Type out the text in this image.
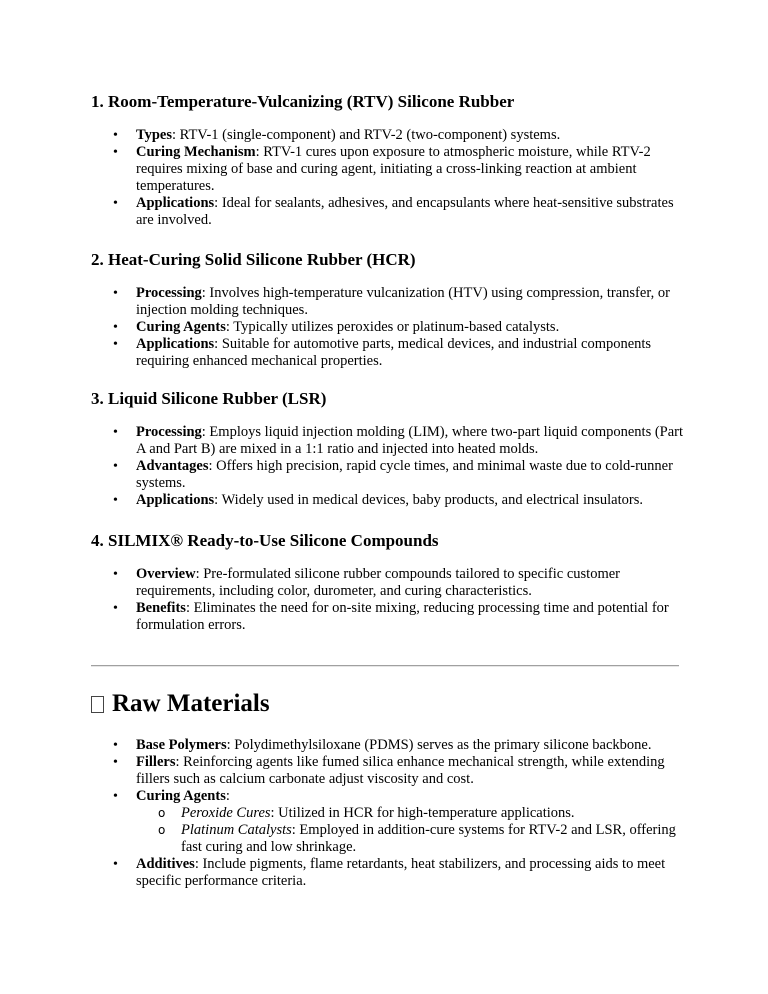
1. Room-Temperature-Vulcanizing (RTV) Silicone Rubber
• Types: RTV-1 (single-component) and RTV-2 (two-component) systems.
• Curing Mechanism: RTV-1 cures upon exposure to atmospheric moisture, while RTV-2 requires mixing of base and curing agent, initiating a cross-linking reaction at ambient temperatures.
• Applications: Ideal for sealants, adhesives, and encapsulants where heat-sensitive substrates are involved.
2. Heat-Curing Solid Silicone Rubber (HCR)
• Processing: Involves high-temperature vulcanization (HTV) using compression, transfer, or injection molding techniques.
• Curing Agents: Typically utilizes peroxides or platinum-based catalysts.
• Applications: Suitable for automotive parts, medical devices, and industrial components requiring enhanced mechanical properties.
3. Liquid Silicone Rubber (LSR)
• Processing: Employs liquid injection molding (LIM), where two-part liquid components (Part A and Part B) are mixed in a 1:1 ratio and injected into heated molds.
• Advantages: Offers high precision, rapid cycle times, and minimal waste due to cold-runner systems.
• Applications: Widely used in medical devices, baby products, and electrical insulators.
4. SILMIX® Ready-to-Use Silicone Compounds
• Overview: Pre-formulated silicone rubber compounds tailored to specific customer requirements, including color, durometer, and curing characteristics.
• Benefits: Eliminates the need for on-site mixing, reducing processing time and potential for formulation errors.
Raw Materials
• Base Polymers: Polydimethylsiloxane (PDMS) serves as the primary silicone backbone.
• Fillers: Reinforcing agents like fumed silica enhance mechanical strength, while extending fillers such as calcium carbonate adjust viscosity and cost.
• Curing Agents:
o Peroxide Cures: Utilized in HCR for high-temperature applications.
o Platinum Catalysts: Employed in addition-cure systems for RTV-2 and LSR, offering fast curing and low shrinkage.
• Additives: Include pigments, flame retardants, heat stabilizers, and processing aids to meet specific performance criteria.
